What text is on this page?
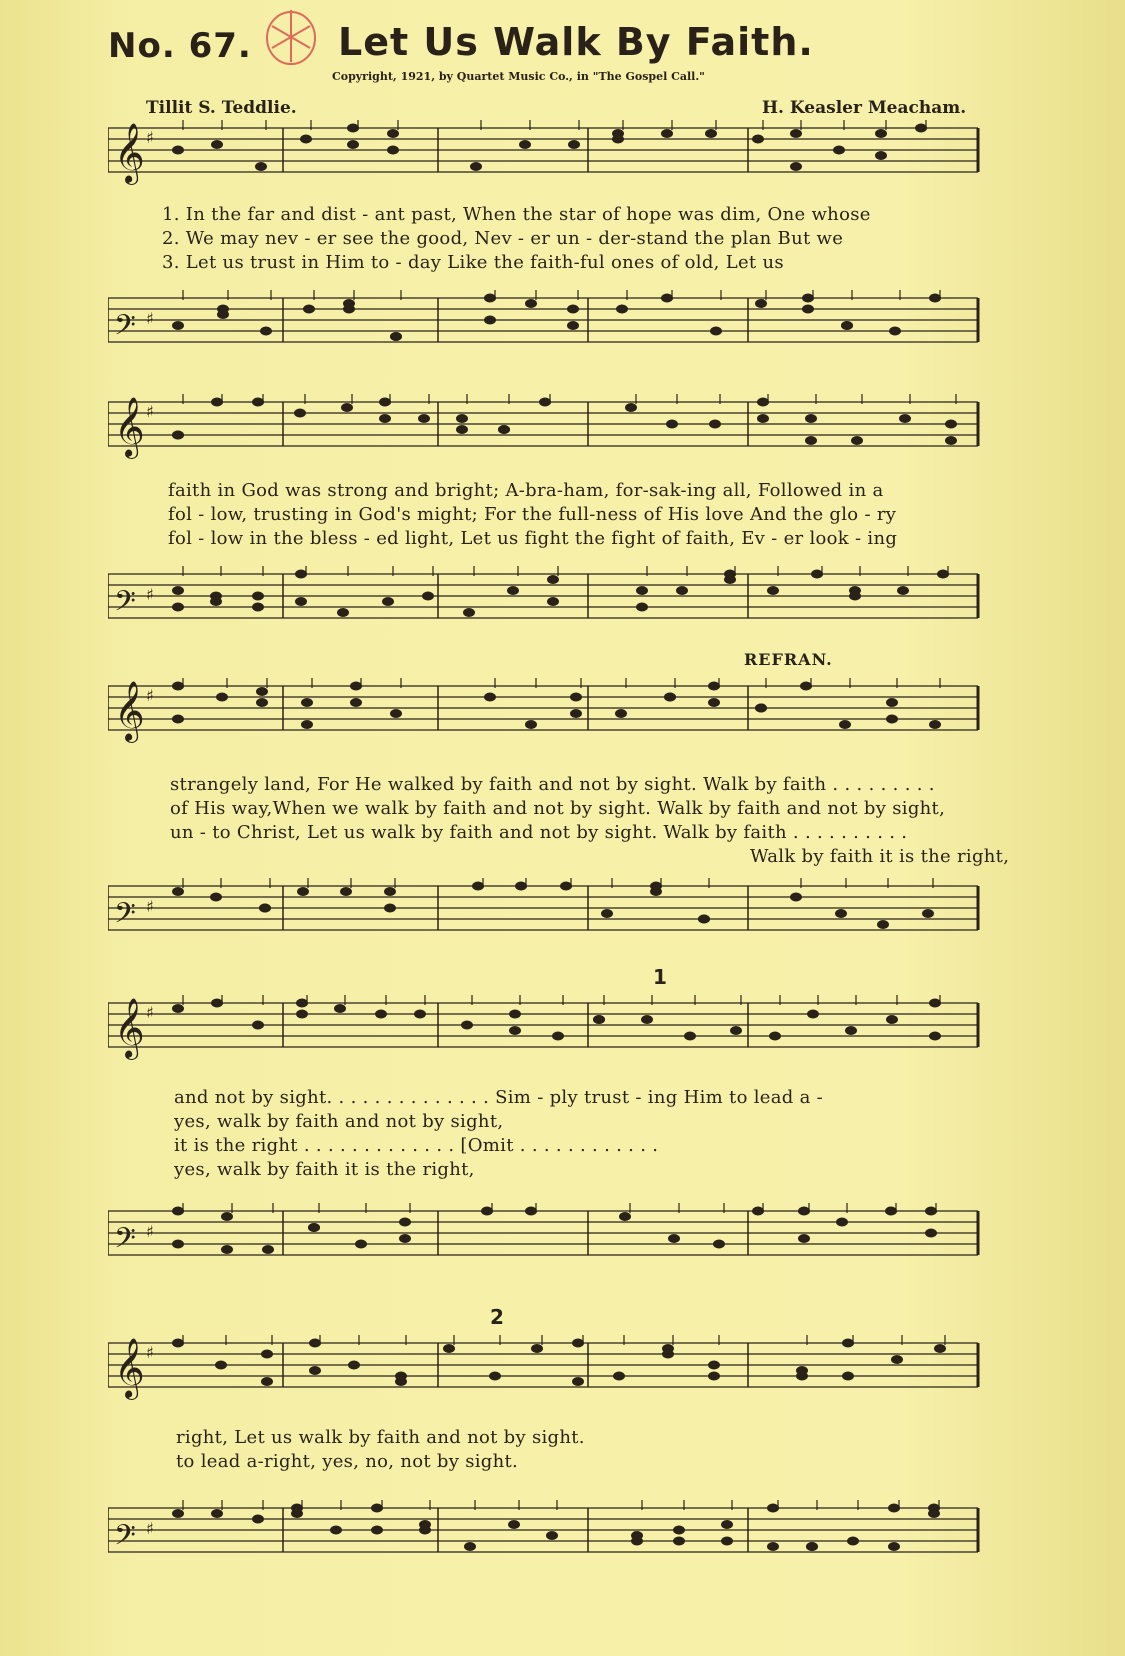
No. 67. Let Us Walk By Faith.
Copyright, 1921, by Quartet Music Co., in "The Gospel Call."
Tillit S. Teddlie.	H. Keasler Meacham.
𝄞 ♯
1. In the far and dist - ant past, When the star of hope was dim, One whose
2. We may nev - er see the good, Nev - er un - der-stand the plan But we
3. Let us trust in Him to - day Like the faith-ful ones of old, Let us
𝄢 ♯
𝄞 ♯
faith in God was strong and bright; A-bra-ham, for-sak-ing all, Followed in a
fol - low, trusting in God's might; For the full-ness of His love And the glo - ry
fol - low in the bless - ed light, Let us fight the fight of faith, Ev - er look - ing
𝄢 ♯
REFRAN.
𝄞 ♯
strangely land, For He walked by faith and not by sight. Walk by faith . . . . . . . . .
of His way,When we walk by faith and not by sight. Walk by faith and not by sight,
un - to Christ, Let us walk by faith and not by sight. Walk by faith . . . . . . . . . .
Walk by faith it is the right,
𝄢 ♯
1
𝄞 ♯
and not by sight. . . . . . . . . . . . . . Sim - ply trust - ing Him to lead a -
yes, walk by faith and not by sight,
it is the right . . . . . . . . . . . . . [Omit . . . . . . . . . . . .
yes, walk by faith it is the right,
𝄢 ♯
2
𝄞 ♯
right, Let us walk by faith and not by sight.
to lead a-right, yes, no, not by sight.
𝄢 ♯
